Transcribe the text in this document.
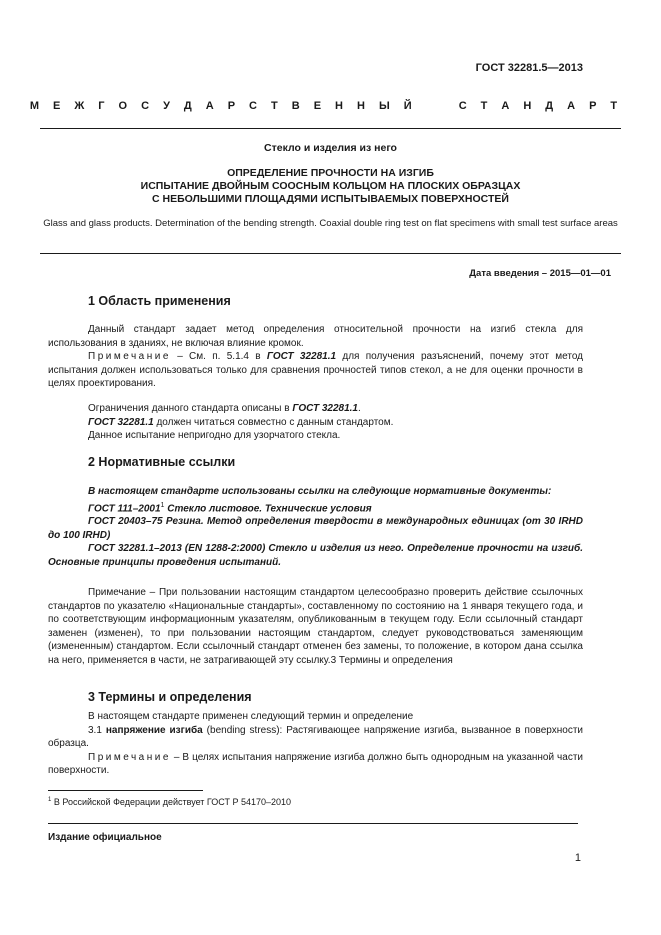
ГОСТ 32281.5—2013
М Е Ж Г О С У Д А Р С Т В Е Н Н Ы Й	С Т А Н Д А Р Т
Стекло и изделия из него
ОПРЕДЕЛЕНИЕ ПРОЧНОСТИ НА ИЗГИБ
ИСПЫТАНИЕ ДВОЙНЫМ СООСНЫМ КОЛЬЦОМ НА ПЛОСКИХ ОБРАЗЦАХ
С НЕБОЛЬШИМИ ПЛОЩАДЯМИ ИСПЫТЫВАЕМЫХ ПОВЕРХНОСТЕЙ
Glass and glass products. Determination of the bending strength. Coaxial double ring test on flat specimens with small test surface areas
Дата введения – 2015—01—01
1 Область применения

Данный стандарт задает метод определения относительной прочности на изгиб стекла для использования в зданиях, не включая влияние кромок.

Примечание – См. п. 5.1.4 в ГОСТ 32281.1 для получения разъяснений, почему этот метод испытания должен использоваться только для сравнения прочностей типов стекол, а не для оценки прочности в целях проектирования.

Ограничения данного стандарта описаны в ГОСТ 32281.1.

ГОСТ 32281.1 должен читаться совместно с данным стандартом.

Данное испытание непригодно для узорчатого стекла.

2 Нормативные ссылки

В настоящем стандарте использованы ссылки на следующие нормативные документы:

ГОСТ 111–2001$^1$ Стекло листовое. Технические условия

ГОСТ 20403–75 Резина. Метод определения твердости в международных единицах (от 30 IRHD до 100 IRHD)

ГОСТ 32281.1–2013 (EN 1288-2:2000) Стекло и изделия из него. Определение прочности на изгиб. Основные принципы проведения испытаний.

Примечание – При пользовании настоящим стандартом целесообразно проверить действие ссылочных стандартов по указателю «Национальные стандарты», составленному по состоянию на 1 января текущего года, и по соответствующим информационным указателям, опубликованным в текущем году. Если ссылочный стандарт заменен (изменен), то при пользовании настоящим стандартом, следует руководствоваться заменяющим (измененным) стандартом. Если ссылочный стандарт отменен без замены, то положение, в котором дана ссылка на него, применяется в части, не затрагивающей эту ссылку.3 Термины и определения

3 Термины и определения

В настоящем стандарте применен следующий термин и определение

3.1 напряжение изгиба (bending stress): Растягивающее напряжение изгиба, вызванное в поверхности образца.

Примечание – В целях испытания напряжение изгиба должно быть однородным на указанной части поверхности.

$^1$ В Российской Федерации действует ГОСТ Р 54170–2010
Издание официальное
1
